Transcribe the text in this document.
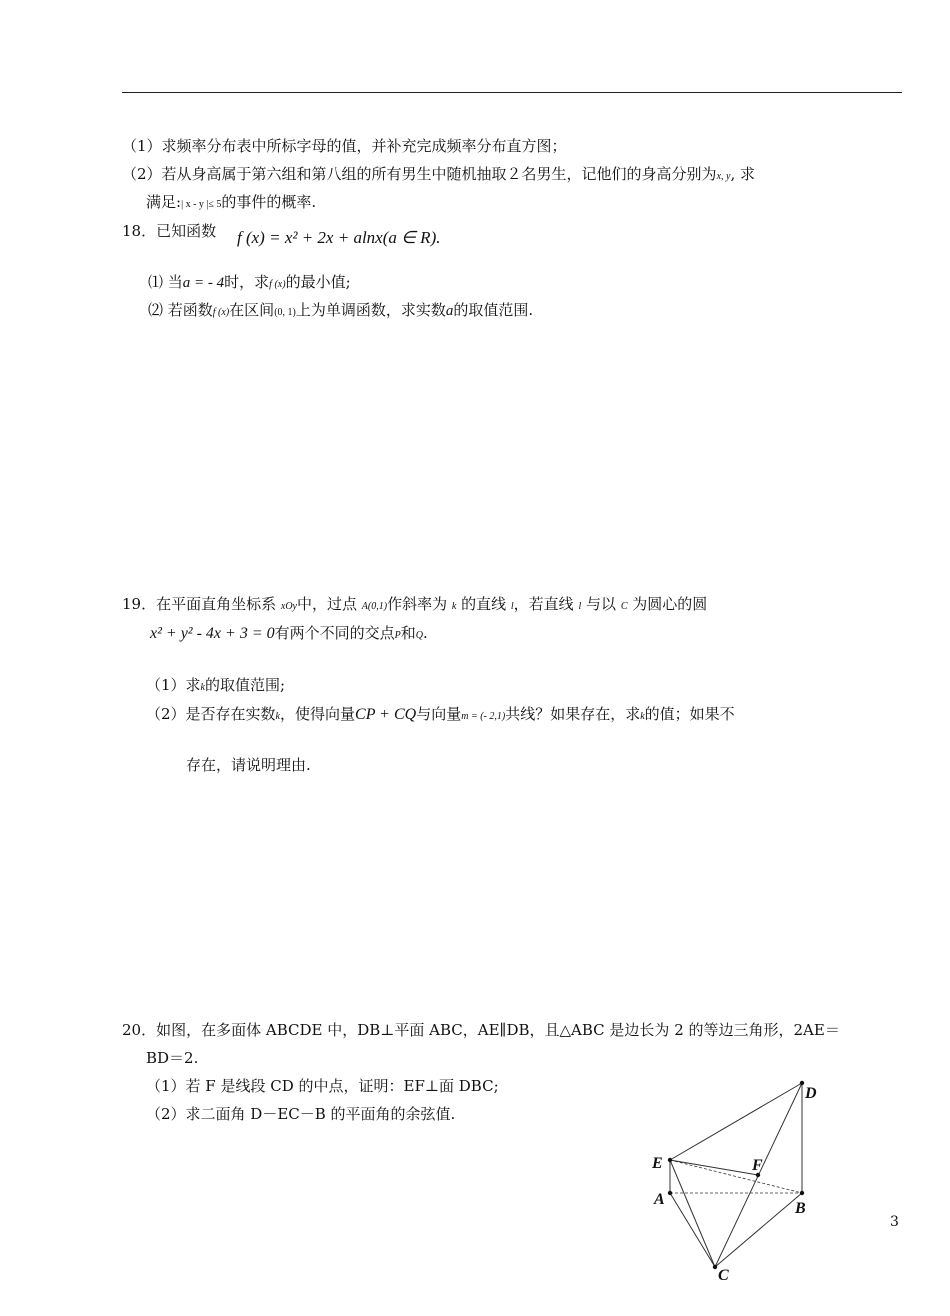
（1）求频率分布表中所标字母的值，并补充完成频率分布直方图；
（2）若从身高属于第六组和第八组的所有男生中随机抽取２名男生，记他们的身高分别为x, y, 求
满足:| x - y |≤ 5的事件的概率.
18．已知函数 f (x) = x² + 2x + alnx(a ∈ R).
⑴ 当a = - 4时，求f (x)的最小值;
⑵ 若函数f (x)在区间(0, 1)上为单调函数，求实数a的取值范围.
19．在平面直角坐标系 xOy中，过点 A(0,1)作斜率为 k 的直线 l，若直线 l 与以 C 为圆心的圆
x² + y² - 4x + 3 = 0有两个不同的交点P和Q.
（1）求k的取值范围;
（2）是否存在实数k，使得向量CP + CQ与向量m = (- 2,1)共线？如果存在，求k的值；如果不
存在，请说明理由.
20．如图，在多面体 ABCDE 中，DB⊥平面 ABC，AE∥DB，且△ABC 是边长为 2 的等边三角形，2AE＝
BD＝2.
（1）若 F 是线段 CD 的中点，证明：EF⊥面 DBC;
（2）求二面角 D－EC－B 的平面角的余弦值.
D
E	F
A
B
C
3
